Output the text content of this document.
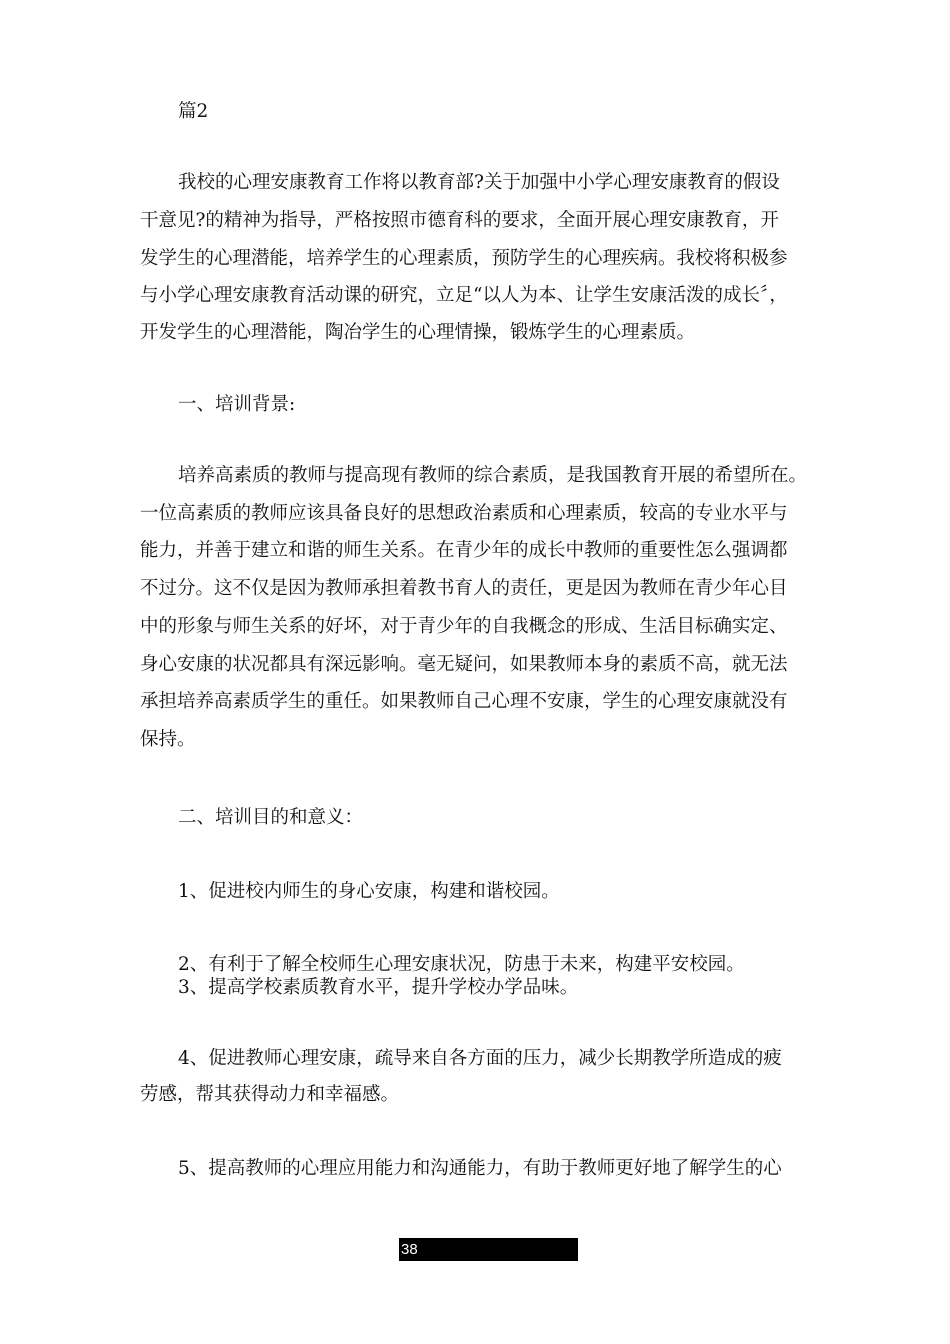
篇2
我校的心理安康教育工作将以教育部?关于加强中小学心理安康教育的假设
干意见?的精神为指导，严格按照市德育科的要求，全面开展心理安康教育，开
发学生的心理潜能，培养学生的心理素质，预防学生的心理疾病。我校将积极参
与小学心理安康教育活动课的研究，立足“以人为本、让学生安康活泼的成长〞，
开发学生的心理潜能，陶冶学生的心理情操，锻炼学生的心理素质。
一、培训背景:
培养高素质的教师与提高现有教师的综合素质，是我国教育开展的希望所在。
一位高素质的教师应该具备良好的思想政治素质和心理素质，较高的专业水平与
能力，并善于建立和谐的师生关系。在青少年的成长中教师的重要性怎么强调都
不过分。这不仅是因为教师承担着教书育人的责任，更是因为教师在青少年心目
中的形象与师生关系的好坏，对于青少年的自我概念的形成、生活目标确实定、
身心安康的状况都具有深远影响。毫无疑问，如果教师本身的素质不高，就无法
承担培养高素质学生的重任。如果教师自己心理不安康，学生的心理安康就没有
保持。
二、培训目的和意义：
1、促进校内师生的身心安康，构建和谐校园。
2、有利于了解全校师生心理安康状况，防患于未来，构建平安校园。
3、提高学校素质教育水平，提升学校办学品味。
4、促进教师心理安康，疏导来自各方面的压力，减少长期教学所造成的疲
劳感，帮其获得动力和幸福感。
5、提高教师的心理应用能力和沟通能力，有助于教师更好地了解学生的心
38
